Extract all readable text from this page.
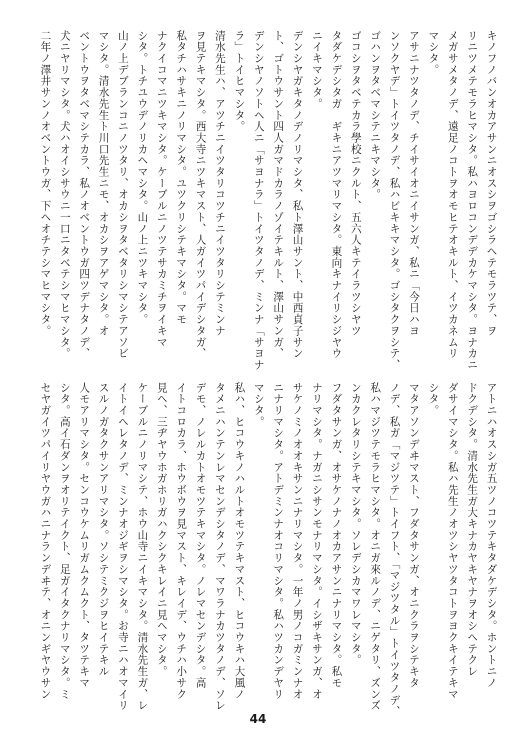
キノフノバンオカアサンニオスシヲゴシラヘテモラツテ、ヲ
リニツメテモラヒマシタ。私ハヨロコンデデカケマシタ。ヨナカニ
メガサメタノデ、遠足ノコトヲオモヒテオキルト、イツカネムリ
マシタ。
アサニナツタノデ、チイサイオニイサンガ、私ニ「今日ハヨ
ンソクヤデ」トイツタノデ、私ハビキキマシタ。ゴシタクヲシテ、
ゴハンヲタベマシテニキマシタ。
ゴコシヲタベテカラ學校ニクルト、五六人キテイラツシヤツ
タダケデシタガ　ギキニアツマリマシタ。東向キナイリシジヤウ
ニイキマシタ。
デンシヤガキタノデノリマシタ、私ト澤山サント、中西貞子サン
ト、ゴトウサント四人ガマドカラノゾイテキルト、澤山サンガ、
デンシヤノソトヘ人ニ「サヨナラ」トイツタノデ、ミンナ「サヨナ
ラ」トイヒマシタ。
清水先生ハ、アツチニイツタリコツチニイツタリシテミンナ
ヲ見テキマシタ。西大寺ニツキマスト、人ガイツパイデシタガ、
私タチハサキニノリマシタ。ユツクリシテキマシタ。マモ
ナクイコマニツキマシタ。ケーブルニノツテサカミチヲイキマ
シタ。トチユウデノリカヘマシタ。山ノ上ニツキマシタ。
山ノ上デブランコニノツタリ、オカシヲタベタリシマシテアソビ
マシタ。清水先生ト川口先生ニモ、オカシヲアゲマシタ。オ
ベントウヲタベマシテカラ、私ノオベントウガ四ツデナタノデ、
犬ニヤリマシタ。犬ハオイシサウニ一口ニタベテシマヒマシタ。
二年ノ澤井サンノオベントウガ、下ヘオチテシマヒマシタ。
アトニハオスシガ五ツノコツテキタダケデシタ。ホントニノ
ドクデシタ。清水先生ガ大キナカヤキヤナヲオシヘテクレ
ダサイマシタ。私ハ先生ノオツシヤツタコトヲヨクキイテキマ
シタ。
マタアソンデヰマスト、フダタサンガ、オニクラヲシテキタ
ノデ、私ガ「マジツテ」トイフト、「マジツタル」トイツタノデ、
私ハマジツテモラヒマシタ。オニガ來ルノデ、ニゲタリ、ズンズ
ンカクレタリシテキマシタ。ソレデシカマワレマシタ。
フダタサンガ、オサケノナノオカアサンニナリマシタ。私モ
ナリマシタ。ナガニシサンモナリマシタ。イシザキサンガ、オ
サケノミノオオキサンニナリマシタ。一年ノ男ノコガミンナオ
ニナリマシタ。アトデミンナオコリマシタ。私ハツカンデヤリ
マシタ。
私ハ、ヒコウキノハルトオモツテキマスト、ヒコウキハ大風ノ
タメニハンテンレマセンデシタノデ、マワラナカツタノデ、ソレ
デモ、ノレルカトオモツテキマシタ。ノレマセンデシタ。高
イトコロカラ、ホウボウヲ見マスト、キレイデ、ウチハ小サク
見ヘ、三ヂヤウホガホリガハクシクキレイニ見ヘマシタ。
ケーブルニノリマシテ、ホウ山寺ニイキマシタ。清水先生ガ、レ
イトイヘレタノデ、ミンナオジギヲシマシタ。お寺ニハオマイリ
スルノガタクサンアリマシタ。ソシテミクジヲヒイテキル
人モアリマシタ。センコウケムリガムクムクト、タツテキマ
シタ。高イ石ダンヲオリテイクト、足ガイタクナリマシタ。ミ
セヤガイツパイリヤウガハニナランデヰテ、オニンギヤウサン
44
